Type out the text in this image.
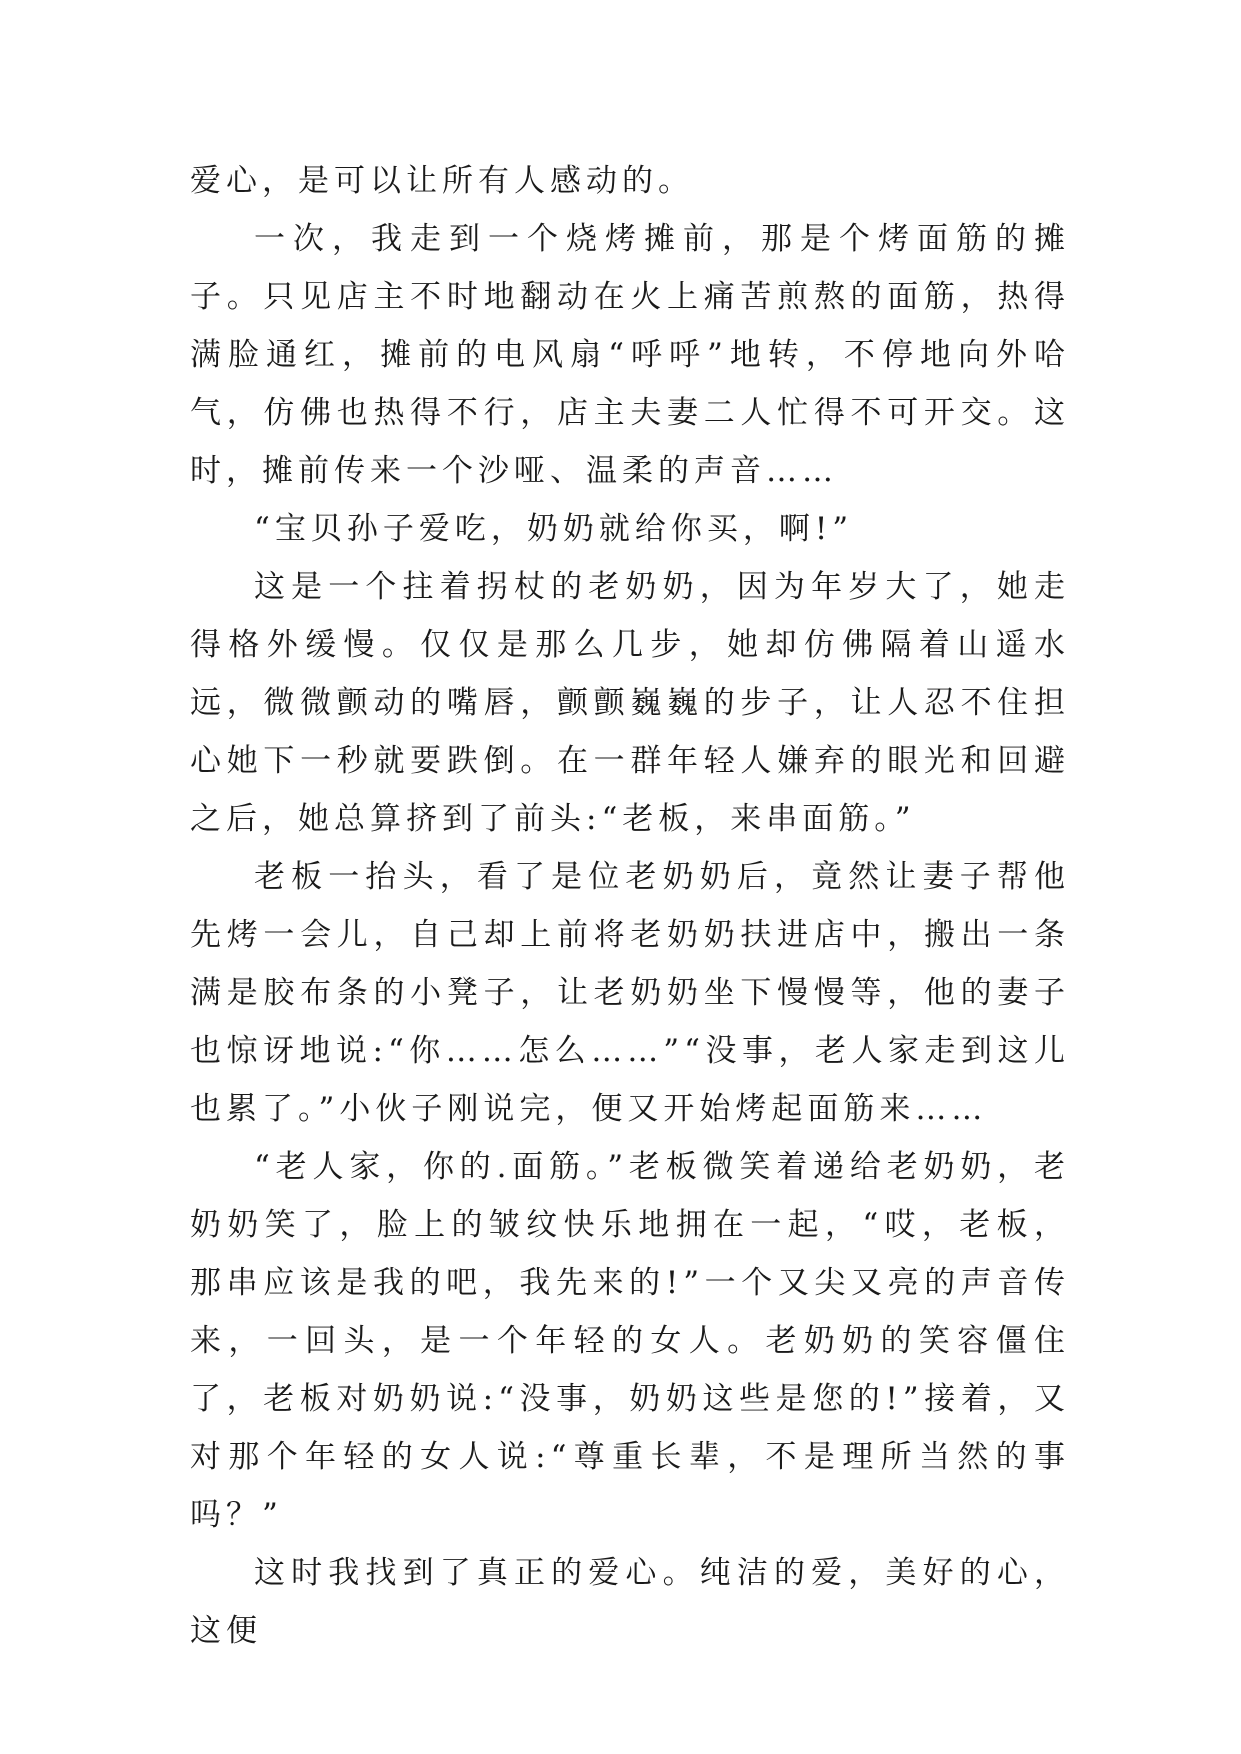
爱心，是可以让所有人感动的。

一次，我走到一个烧烤摊前，那是个烤面筋的摊子。只见店主不时地翻动在火上痛苦煎熬的面筋，热得满脸通红，摊前的电风扇“呼呼”地转，不停地向外哈气，仿佛也热得不行，店主夫妻二人忙得不可开交。这时，摊前传来一个沙哑、温柔的声音……

“宝贝孙子爱吃，奶奶就给你买，啊!”

这是一个拄着拐杖的老奶奶，因为年岁大了，她走得格外缓慢。仅仅是那么几步，她却仿佛隔着山遥水远，微微颤动的嘴唇，颤颤巍巍的步子，让人忍不住担心她下一秒就要跌倒。在一群年轻人嫌弃的眼光和回避之后，她总算挤到了前头:“老板，来串面筋。”

老板一抬头，看了是位老奶奶后，竟然让妻子帮他先烤一会儿，自己却上前将老奶奶扶进店中，搬出一条满是胶布条的小凳子，让老奶奶坐下慢慢等，他的妻子也惊讶地说:“你……怎么……”“没事，老人家走到这儿也累了。”小伙子刚说完，便又开始烤起面筋来……

“老人家，你的.面筋。”老板微笑着递给老奶奶，老奶奶笑了，脸上的皱纹快乐地拥在一起，“哎，老板，那串应该是我的吧，我先来的!”一个又尖又亮的声音传来，一回头，是一个年轻的女人。老奶奶的笑容僵住了，老板对奶奶说:“没事，奶奶这些是您的!”接着，又对那个年轻的女人说:“尊重长辈，不是理所当然的事吗？”

这时我找到了真正的爱心。纯洁的爱，美好的心，这便
